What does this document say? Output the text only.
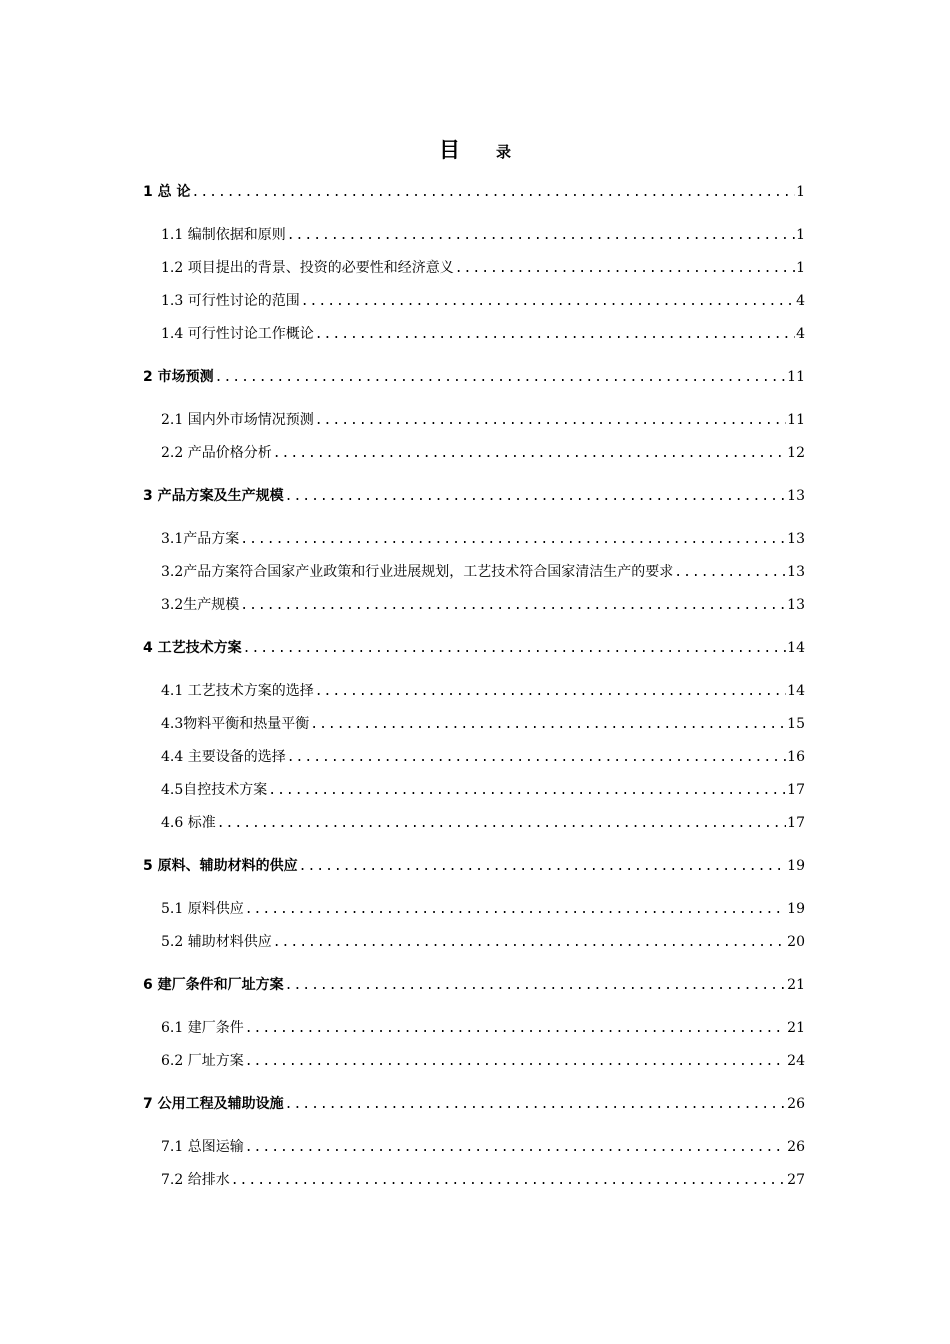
目 录
1 总 论 .....	1
1.1 编制依据和原则 .....	1
1.2 项目提出的背景、投资的必要性和经济意义 .....	1
1.3 可行性讨论的范围 .....	4
1.4 可行性讨论工作概论 .....	4
2 市场预测 .....	11
2.1 国内外市场情况预测 .....	11
2.2 产品价格分析 .....	12
3 产品方案及生产规模 .....	13
3.1产品方案 .....	13
3.2产品方案符合国家产业政策和行业进展规划，工艺技术符合国家清洁生产的要求 .....	13
3.2生产规模 .....	13
4 工艺技术方案 .....	14
4.1 工艺技术方案的选择 .....	14
4.3物料平衡和热量平衡 .....	15
4.4 主要设备的选择 .....	16
4.5自控技术方案 .....	17
4.6 标准 .....	17
5 原料、辅助材料的供应 .....	19
5.1 原料供应 .....	19
5.2 辅助材料供应 .....	20
6 建厂条件和厂址方案 .....	21
6.1 建厂条件 .....	21
6.2 厂址方案 .....	24
7 公用工程及辅助设施 .....	26
7.1 总图运输 .....	26
7.2 给排水 .....	27
